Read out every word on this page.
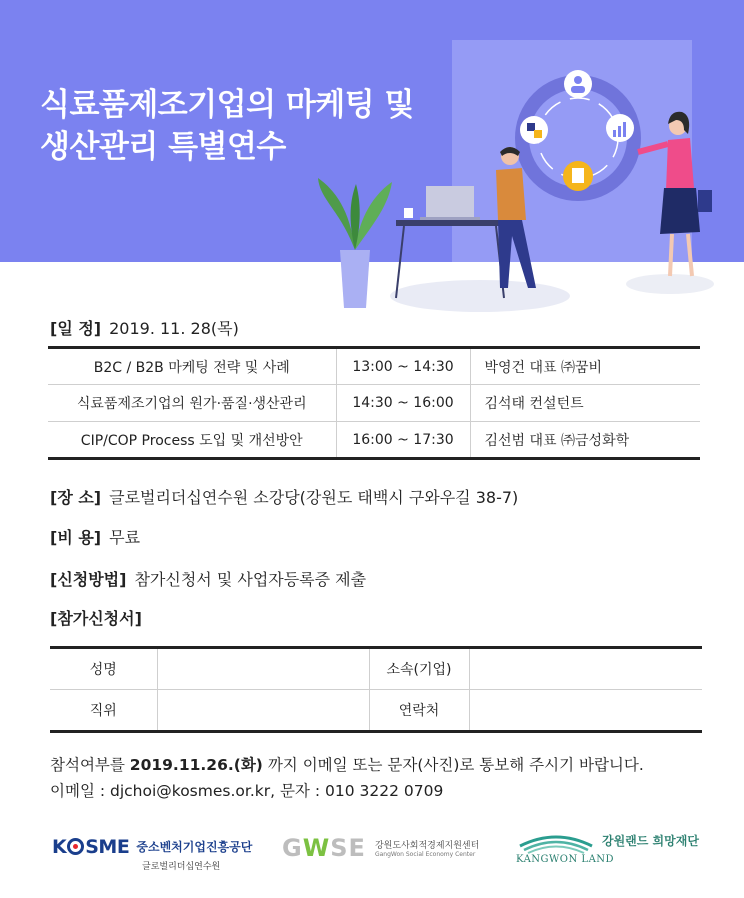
식료품제조기업의 마케팅 및
생산관리 특별연수
[일 정] 2019. 11. 28(목)
B2C / B2B 마케팅 전략 및 사례	13:00 ~ 14:30	박영건 대표 ㈜꿈비
식료품제조기업의 원가·품질·생산관리	14:30 ~ 16:00	김석태 컨설턴트
CIP/COP Process 도입 및 개선방안	16:00 ~ 17:30	김선범 대표 ㈜금성화학
[장 소] 글로벌리더십연수원 소강당(강원도 태백시 구와우길 38-7)
[비 용] 무료
[신청방법] 참가신청서 및 사업자등록증 제출
[참가신청서]
성명		소속(기업)	
직위		연락처	
참석여부를 2019.11.26.(화) 까지 이메일 또는 문자(사진)로 통보해 주시기 바랍니다.
이메일 : djchoi@kosmes.or.kr, 문자 : 010 3222 0709
K SME 중소벤처기업진흥공단
글로벌리더십연수원
GWSE 강원도사회적경제지원센터
GangWon Social Economy Center	KANGWON LAND
강원랜드 희망재단
